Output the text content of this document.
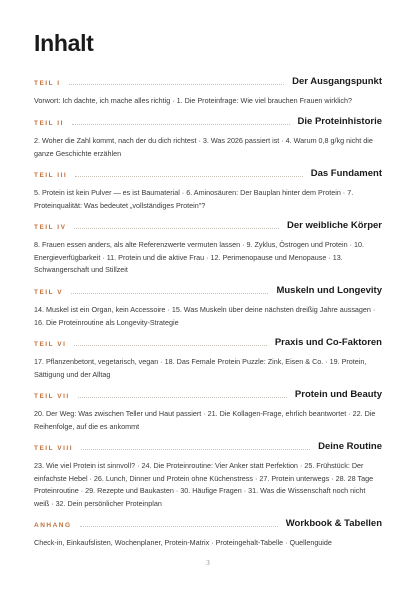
Inhalt
TEIL I	Der Ausgangspunkt
Vorwort: Ich dachte, ich mache alles richtig · 1. Die Proteinfrage: Wie viel brauchen Frauen wirklich?
TEIL II	Die Proteinhistorie
2. Woher die Zahl kommt, nach der du dich richtest · 3. Was 2026 passiert ist · 4. Warum 0,8 g/kg nicht die ganze Geschichte erzählen
TEIL III	Das Fundament
5. Protein ist kein Pulver — es ist Baumaterial · 6. Aminosäuren: Der Bauplan hinter dem Protein · 7. Proteinqualität: Was bedeutet „vollständiges Protein"?
TEIL IV	Der weibliche Körper
8. Frauen essen anders, als alte Referenzwerte vermuten lassen · 9. Zyklus, Östrogen und Protein · 10. Energieverfügbarkeit · 11. Protein und die aktive Frau · 12. Perimenopause und Menopause · 13. Schwangerschaft und Stillzeit
TEIL V	Muskeln und Longevity
14. Muskel ist ein Organ, kein Accessoire · 15. Was Muskeln über deine nächsten dreißig Jahre aussagen · 16. Die Proteinroutine als Longevity-Strategie
TEIL VI	Praxis und Co-Faktoren
17. Pflanzenbetont, vegetarisch, vegan · 18. Das Female Protein Puzzle: Zink, Eisen & Co. · 19. Protein, Sättigung und der Alltag
TEIL VII	Protein und Beauty
20. Der Weg: Was zwischen Teller und Haut passiert · 21. Die Kollagen-Frage, ehrlich beantwortet · 22. Die Reihenfolge, auf die es ankommt
TEIL VIII	Deine Routine
23. Wie viel Protein ist sinnvoll? · 24. Die Proteinroutine: Vier Anker statt Perfektion · 25. Frühstück: Der einfachste Hebel · 26. Lunch, Dinner und Protein ohne Küchenstress · 27. Protein unterwegs · 28. 28 Tage Proteinroutine · 29. Rezepte und Baukasten · 30. Häufige Fragen · 31. Was die Wissenschaft noch nicht weiß · 32. Dein persönlicher Proteinplan
ANHANG	Workbook & Tabellen
Check-in, Einkaufslisten, Wochenplaner, Protein-Matrix · Proteingehalt-Tabelle · Quellenguide
3
